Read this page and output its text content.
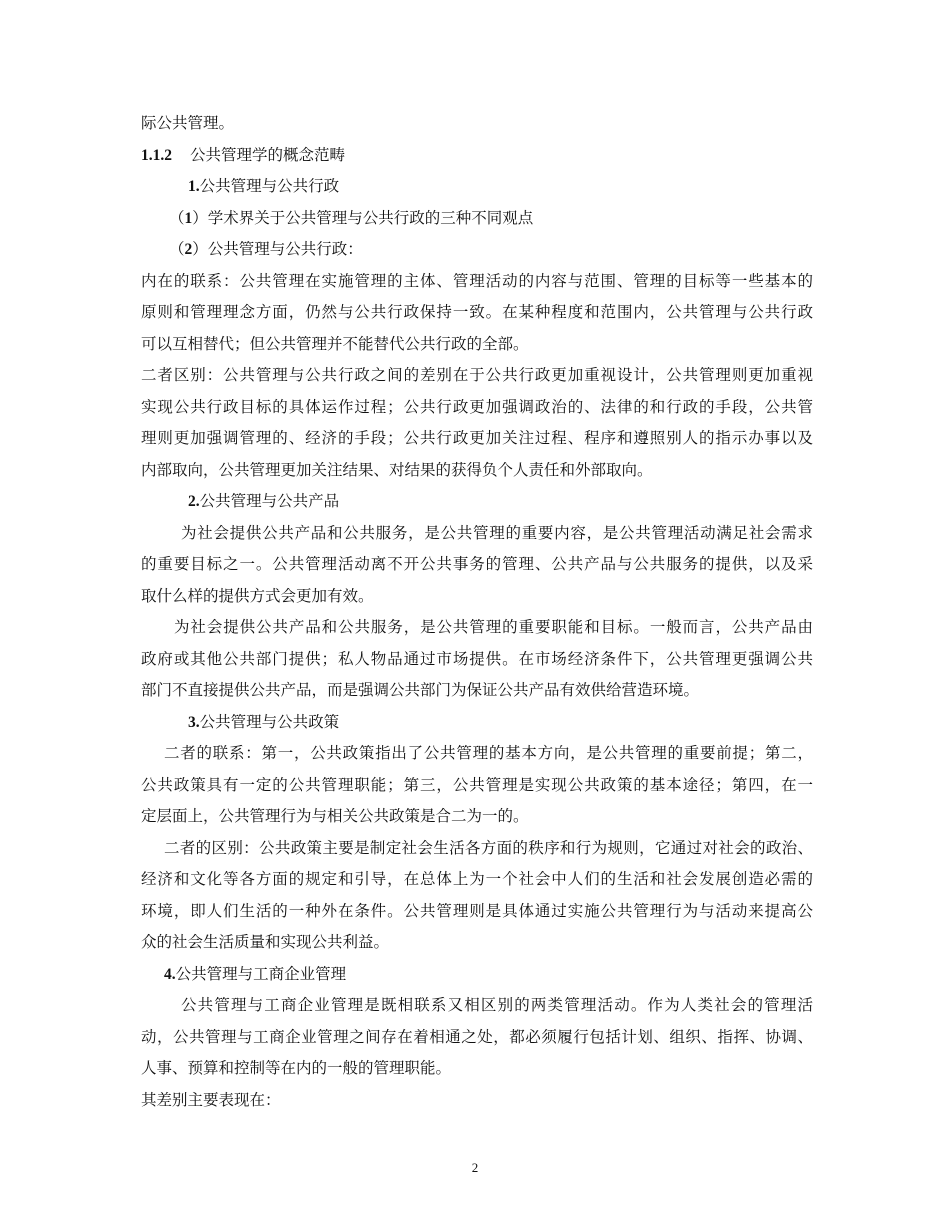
际公共管理。
1.1.2 公共管理学的概念范畴
1.公共管理与公共行政
（1）学术界关于公共管理与公共行政的三种不同观点
（2）公共管理与公共行政：
内在的联系：公共管理在实施管理的主体、管理活动的内容与范围、管理的目标等一些基本的
原则和管理理念方面，仍然与公共行政保持一致。在某种程度和范围内，公共管理与公共行政
可以互相替代；但公共管理并不能替代公共行政的全部。
二者区别：公共管理与公共行政之间的差别在于公共行政更加重视设计，公共管理则更加重视
实现公共行政目标的具体运作过程；公共行政更加强调政治的、法律的和行政的手段，公共管
理则更加强调管理的、经济的手段；公共行政更加关注过程、程序和遵照别人的指示办事以及
内部取向，公共管理更加关注结果、对结果的获得负个人责任和外部取向。
2.公共管理与公共产品
为社会提供公共产品和公共服务，是公共管理的重要内容，是公共管理活动满足社会需求
的重要目标之一。公共管理活动离不开公共事务的管理、公共产品与公共服务的提供，以及采
取什么样的提供方式会更加有效。
为社会提供公共产品和公共服务，是公共管理的重要职能和目标。一般而言，公共产品由
政府或其他公共部门提供；私人物品通过市场提供。在市场经济条件下，公共管理更强调公共
部门不直接提供公共产品，而是强调公共部门为保证公共产品有效供给营造环境。
3.公共管理与公共政策
二者的联系：第一，公共政策指出了公共管理的基本方向，是公共管理的重要前提；第二，
公共政策具有一定的公共管理职能；第三，公共管理是实现公共政策的基本途径；第四，在一
定层面上，公共管理行为与相关公共政策是合二为一的。
二者的区别：公共政策主要是制定社会生活各方面的秩序和行为规则，它通过对社会的政治、
经济和文化等各方面的规定和引导，在总体上为一个社会中人们的生活和社会发展创造必需的
环境，即人们生活的一种外在条件。公共管理则是具体通过实施公共管理行为与活动来提高公
众的社会生活质量和实现公共利益。
4.公共管理与工商企业管理
公共管理与工商企业管理是既相联系又相区别的两类管理活动。作为人类社会的管理活
动，公共管理与工商企业管理之间存在着相通之处，都必须履行包括计划、组织、指挥、协调、
人事、预算和控制等在内的一般的管理职能。
其差别主要表现在：
2
